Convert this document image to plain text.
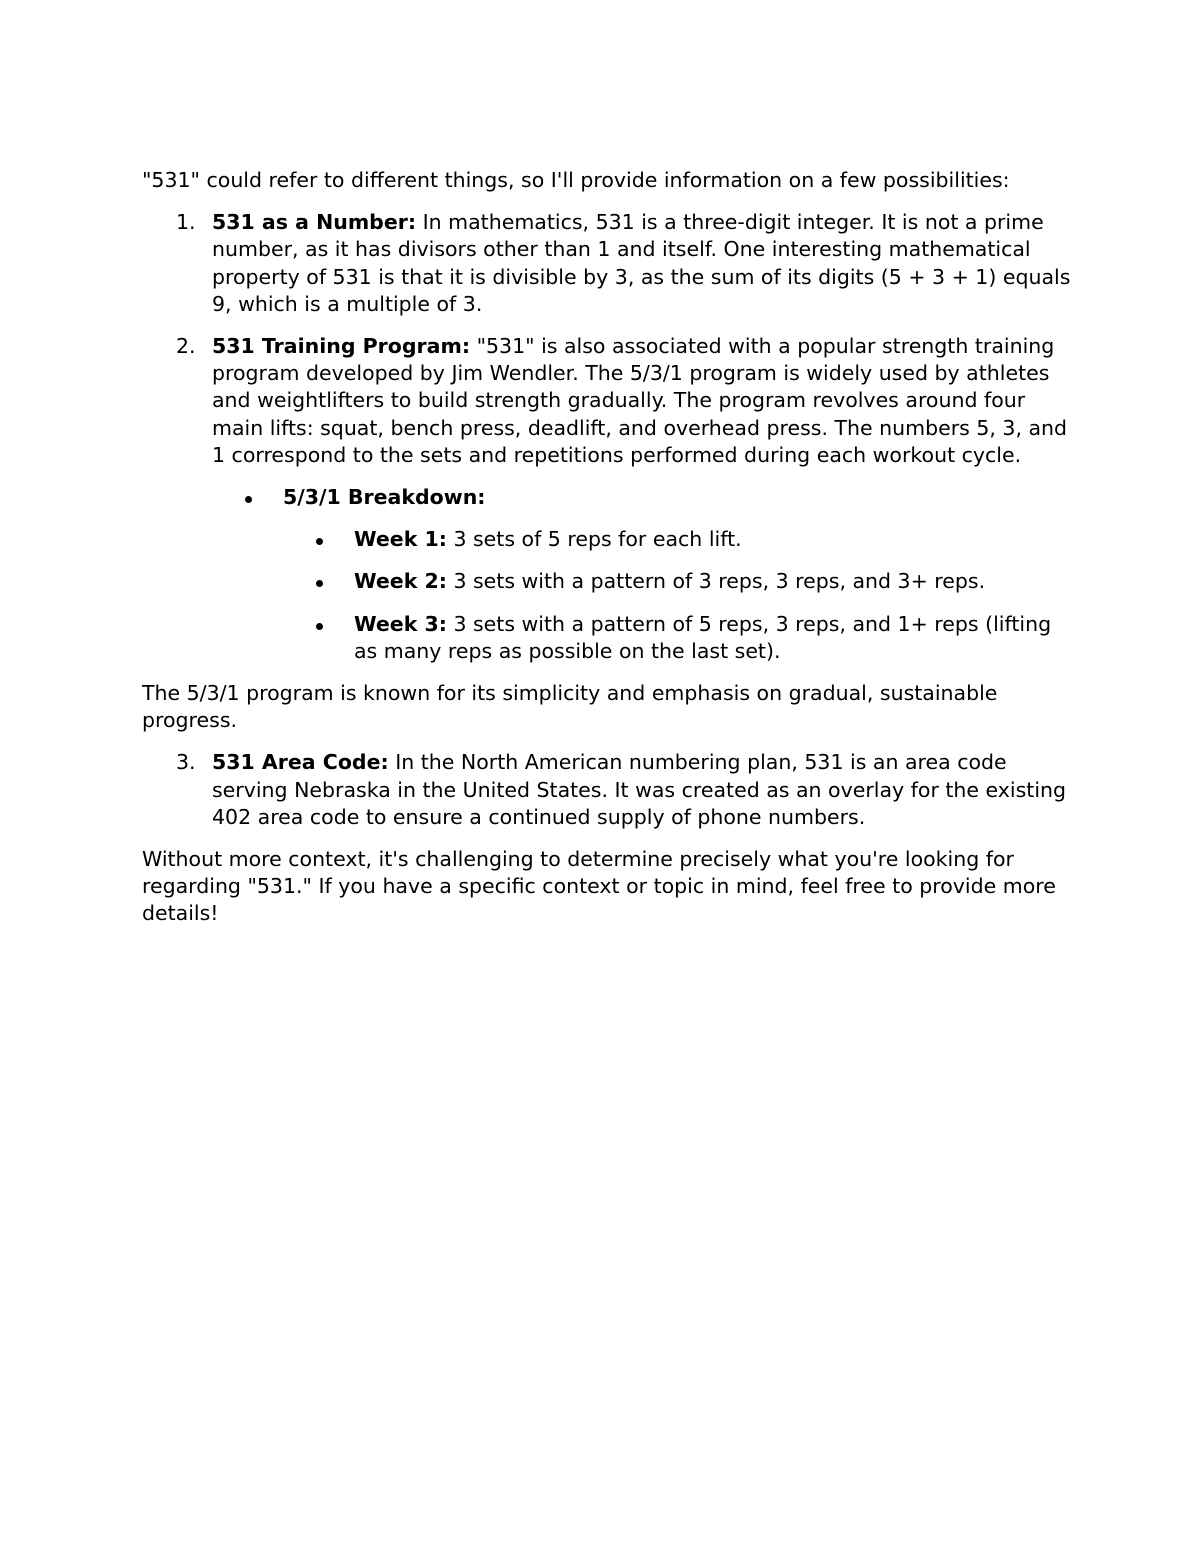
"531" could refer to different things, so I'll provide information on a few possibilities:

1. 531 as a Number: In mathematics, 531 is a three-digit integer. It is not a prime number, as it has divisors other than 1 and itself. One interesting mathematical property of 531 is that it is divisible by 3, as the sum of its digits (5 + 3 + 1) equals 9, which is a multiple of 3.
2. 531 Training Program: "531" is also associated with a popular strength training program developed by Jim Wendler. The 5/3/1 program is widely used by athletes and weightlifters to build strength gradually. The program revolves around four main lifts: squat, bench press, deadlift, and overhead press. The numbers 5, 3, and 1 correspond to the sets and repetitions performed during each workout cycle.
5/3/1 Breakdown:
Week 1: 3 sets of 5 reps for each lift.
Week 2: 3 sets with a pattern of 3 reps, 3 reps, and 3+ reps.
Week 3: 3 sets with a pattern of 5 reps, 3 reps, and 1+ reps (lifting as many reps as possible on the last set).

The 5/3/1 program is known for its simplicity and emphasis on gradual, sustainable progress.

3. 531 Area Code: In the North American numbering plan, 531 is an area code serving Nebraska in the United States. It was created as an overlay for the existing 402 area code to ensure a continued supply of phone numbers.

Without more context, it's challenging to determine precisely what you're looking for regarding "531." If you have a specific context or topic in mind, feel free to provide more details!
